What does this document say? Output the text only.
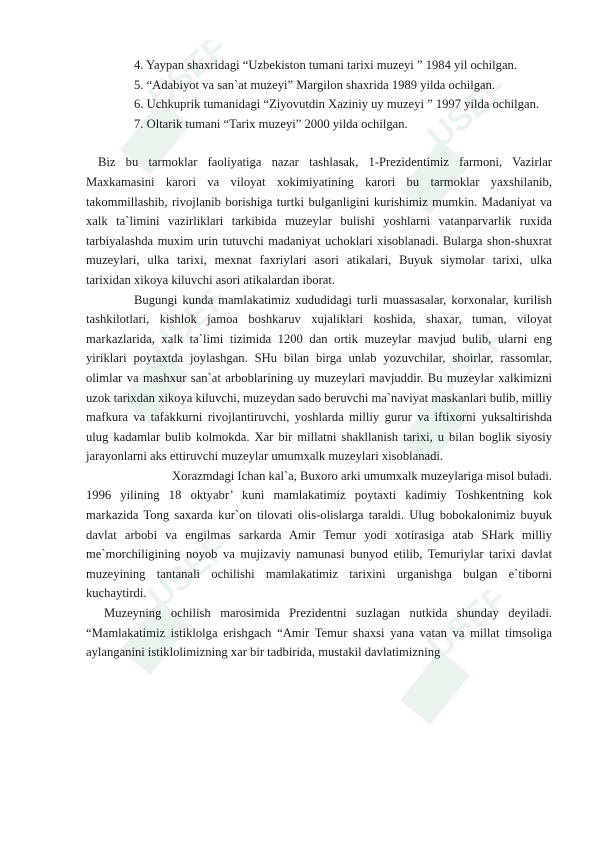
USEF	USEF
USEF	USEF
USEF
USEF

4. Yaypan shaxridagi “Uzbekiston tumani tarixi muzeyi ” 1984 yil ochilgan.

5. “Adabiyot va san`at muzeyi” Margilon shaxrida 1989 yilda ochilgan.

6. Uchkuprik tumanidagi “Ziyovutdin Xaziniy uy muzeyi ” 1997 yilda ochilgan.

7. Oltarik tumani “Tarix muzeyi” 2000 yilda ochilgan.

Biz bu tarmoklar faoliyatiga nazar tashlasak, 1-Prezidentimiz farmoni, Vazirlar Maxkamasini karori va viloyat xokimiyatining karori bu tarmoklar yaxshilanib, takommillashib, rivojlanib borishiga turtki bulganligini kurishimiz mumkin. Madaniyat va xalk ta`limini vazirliklari tarkibida muzeylar bulishi yoshlarni vatanparvarlik ruxida tarbiyalashda muxim urin tutuvchi madaniyat uchoklari xisoblanadi. Bularga shon-shuxrat muzeylari, ulka tarixi, mexnat faxriylari asori atikalari, Buyuk siymolar tarixi, ulka tarixidan xikoya kiluvchi asori atikalardan iborat.

Bugungi kunda mamlakatimiz xududidagi turli muassasalar, korxonalar, kurilish tashkilotlari, kishlok jamoa boshkaruv xujaliklari koshida, shaxar, tuman, viloyat markazlarida, xalk ta`limi tizimida 1200 dan ortik muzeylar mavjud bulib, ularni eng yiriklari poytaxtda joylashgan. SHu bilan birga unlab yozuvchilar, shoirlar, rassomlar, olimlar va mashxur san`at arboblarining uy muzeylari mavjuddir. Bu muzeylar xalkimizni uzok tarixdan xikoya kiluvchi, muzeydan sado beruvchi ma`naviyat maskanlari bulib, milliy mafkura va tafakkurni rivojlantiruvchi, yoshlarda milliy gurur va iftixorni yuksaltirishda ulug kadamlar bulib kolmokda. Xar bir millatni shakllanish tarixi, u bilan boglik siyosiy jarayonlarni aks ettiruvchi muzeylar umumxalk muzeylari xisoblanadi.

Xorazmdagi Ichan kal`a, Buxoro arki umumxalk muzeylariga misol buladi. 1996 yilining 18 oktyabr’ kuni mamlakatimiz poytaxti kadimiy Toshkentning kok markazida Tong saxarda kur`on tilovati olis-olislarga taraldi. Ulug bobokalonimiz buyuk davlat arbobi va engilmas sarkarda Amir Temur yodi xotirasiga atab SHark milliy me`morchiligining noyob va mujizaviy namunasi bunyod etilib, Temuriylar tarixi davlat muzeyining tantanali ochilishi mamlakatimiz tarixini urganishga bulgan e`tiborni kuchaytirdi.

Muzeyning ochilish marosimida Prezidentni suzlagan nutkida shunday deyiladi. “Mamlakatimiz istiklolga erishgach “Amir Temur shaxsi yana vatan va millat timsoliga aylanganini istiklolimizning xar bir tadbirida, mustakil davlatimizning
